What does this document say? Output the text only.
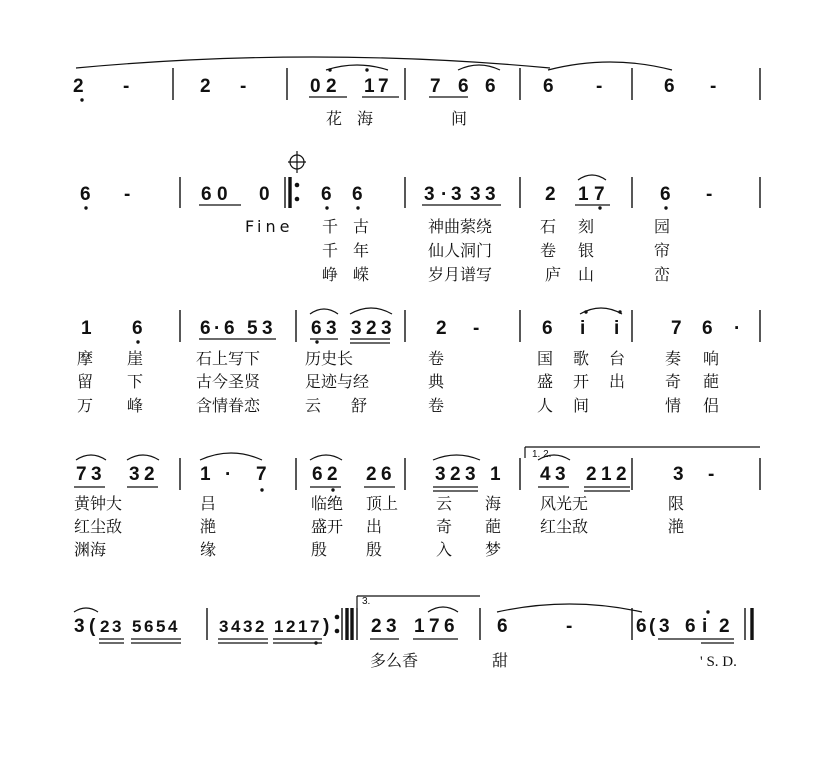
2 -	2 -	0 2 1 7 7 6 6 6 -	6 -
花 海	间
6 -	6 0 0	6 6	3 · 3 3 3	2 1 7	6 -
Fine 千 古	神曲萦绕	石 刻	园
千 年	仙人洞门	卷 银	帘
峥 嵘	岁月谱写	庐 山	峦
1 6	6 · 6 5 3 6 3 3 2 3 2 -	6 i i	7 6 ·
摩 崖	石上写下	历史长	卷	国 歌 台 奏 响
留 下	古今圣贤	足迹与经	典	盛 开 出 奇 葩
万 峰	含情眷恋	云 舒	卷	人 间	情 侣
1. 2.
7 3 3 2 1 · 7 6 2 2 6 3 2 3 1 4 3 2 1 2 3 -
黄钟大	吕	临绝 顶上 云 海 风光无	限
红尘敌	滟	盛开 出	奇 葩 红尘敌	滟
渊海	缘	殷 殷	入 梦
3.
3 ( 2 3 5 6 5 4 3 4 3 2 1 2 1 7 ) 2 3 1 7 6 6	-	6 ( 3 6 i 2
多么香	甜	' S. D.
